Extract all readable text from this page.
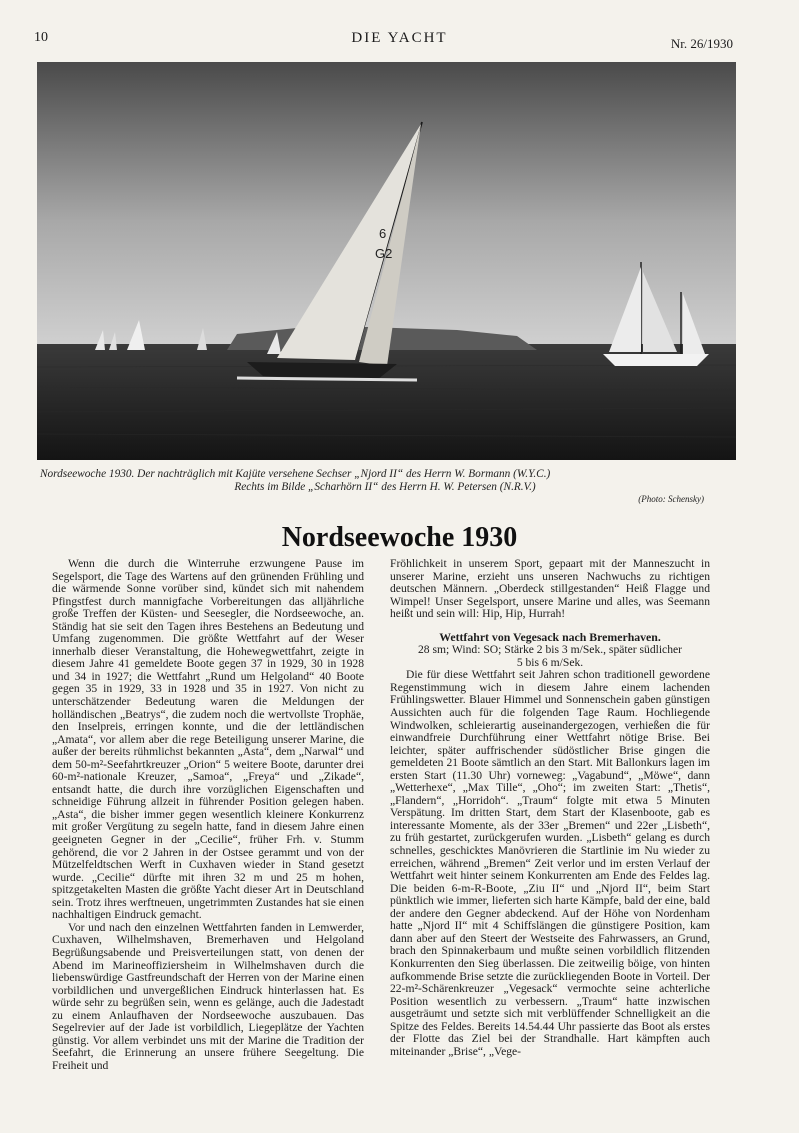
10	DIE YACHT	Nr. 26/1930
6
G2
Nordseewoche 1930. Der nachträglich mit Kajüte versehene Sechser „Njord II“ des Herrn W. Bormann (W.Y.C.)
Rechts im Bilde „Scharhörn II“ des Herrn H. W. Petersen (N.R.V.)
(Photo: Schensky)
Nordseewoche 1930

Wenn die durch die Winterruhe erzwungene Pause im Segelsport, die Tage des Wartens auf den grünenden Frühling und die wärmende Sonne vorüber sind, kündet sich mit nahendem Pfingstfest durch mannigfache Vorbereitungen das alljährliche große Treffen der Küsten- und Seesegler, die Nordseewoche, an. Ständig hat sie seit den Tagen ihres Bestehens an Bedeutung und Umfang zugenommen. Die größte Wettfahrt auf der Weser innerhalb dieser Veranstaltung, die Hohewegwettfahrt, zeigte in diesem Jahre 41 gemeldete Boote gegen 37 in 1929, 30 in 1928 und 34 in 1927; die Wettfahrt „Rund um Helgoland“ 40 Boote gegen 35 in 1929, 33 in 1928 und 35 in 1927. Von nicht zu unterschätzender Bedeutung waren die Meldungen der holländischen „Beatrys“, die zudem noch die wertvollste Trophäe, den Inselpreis, erringen konnte, und die der lettländischen „Amata“, vor allem aber die rege Beteiligung unserer Marine, die außer der bereits rühmlichst bekannten „Asta“, dem „Narwal“ und dem 50-m²-Seefahrtkreuzer „Orion“ 5 weitere Boote, darunter drei 60-m²-nationale Kreuzer, „Samoa“, „Freya“ und „Zikade“, entsandt hatte, die durch ihre vorzüglichen Eigenschaften und schneidige Führung allzeit in führender Position gelegen haben. „Asta“, die bisher immer gegen wesentlich kleinere Konkurrenz mit großer Vergütung zu segeln hatte, fand in diesem Jahre einen geeigneten Gegner in der „Cecilie“, früher Frh. v. Stumm gehörend, die vor 2 Jahren in der Ostsee gerammt und von der Mützelfeldtschen Werft in Cuxhaven wieder in Stand gesetzt wurde. „Cecilie“ dürfte mit ihren 32 m und 25 m hohen, spitzgetakelten Masten die größte Yacht dieser Art in Deutschland sein. Trotz ihres werftneuen, ungetrimmten Zustandes hat sie einen nachhaltigen Eindruck gemacht.

Vor und nach den einzelnen Wettfahrten fanden in Lemwerder, Cuxhaven, Wilhelmshaven, Bremerhaven und Helgoland Begrüßungsabende und Preisverteilungen statt, von denen der Abend im Marineoffiziersheim in Wilhelmshaven durch die liebenswürdige Gastfreundschaft der Herren von der Marine einen vorbildlichen und unvergeßlichen Eindruck hinterlassen hat. Es würde sehr zu begrüßen sein, wenn es gelänge, auch die Jadestadt zu einem Anlaufhaven der Nordseewoche auszubauen. Das Segelrevier auf der Jade ist vorbildlich, Liegeplätze der Yachten günstig. Vor allem verbindet uns mit der Marine die Tradition der Seefahrt, die Erinnerung an unsere frühere Seegeltung. Die Freiheit und

Fröhlichkeit in unserem Sport, gepaart mit der Manneszucht in unserer Marine, erzieht uns unseren Nachwuchs zu richtigen deutschen Männern. „Oberdeck stillgestanden“ Heiß Flagge und Wimpel! Unser Segelsport, unsere Marine und alles, was Seemann heißt und sein will: Hip, Hip, Hurrah!

Wettfahrt von Vegesack nach Bremerhaven.
28 sm; Wind: SO; Stärke 2 bis 3 m/Sek., später südlicher
5 bis 6 m/Sek.

Die für diese Wettfahrt seit Jahren schon traditionell gewordene Regenstimmung wich in diesem Jahre einem lachenden Frühlingswetter. Blauer Himmel und Sonnenschein gaben günstigen Aussichten auch für die folgenden Tage Raum. Hochliegende Windwolken, schleierartig auseinandergezogen, verhießen die für einwandfreie Durchführung einer Wettfahrt nötige Brise. Bei leichter, später auffrischender südöstlicher Brise gingen die gemeldeten 21 Boote sämtlich an den Start. Mit Ballonkurs lagen im ersten Start (11.30 Uhr) vorneweg: „Vagabund“, „Möwe“, dann „Wetterhexe“, „Max Tille“, „Oho“; im zweiten Start: „Thetis“, „Flandern“, „Horridoh“. „Traum“ folgte mit etwa 5 Minuten Verspätung. Im dritten Start, dem Start der Klasenboote, gab es interessante Momente, als der 33er „Bremen“ und 22er „Lisbeth“, zu früh gestartet, zurückgerufen wurden. „Lisbeth“ gelang es durch schnelles, geschicktes Manövrieren die Startlinie im Nu wieder zu erreichen, während „Bremen“ Zeit verlor und im ersten Verlauf der Wettfahrt weit hinter seinem Konkurrenten am Ende des Feldes lag. Die beiden 6-m-R-Boote, „Ziu II“ und „Njord II“, beim Start pünktlich wie immer, lieferten sich harte Kämpfe, bald der eine, bald der andere den Gegner abdeckend. Auf der Höhe von Nordenham hatte „Njord II“ mit 4 Schiffslängen die günstigere Position, kam dann aber auf den Steert der Westseite des Fahrwassers, an Grund, brach den Spinnakerbaum und mußte seinen vorbildlich flitzenden Konkurrenten den Sieg überlassen. Die zeitweilig böige, von hinten aufkommende Brise setzte die zurückliegenden Boote in Vorteil. Der 22-m²-Schärenkreuzer „Vegesack“ vermochte seine achterliche Position wesentlich zu verbessern. „Traum“ hatte inzwischen ausgeträumt und setzte sich mit verblüffender Schnelligkeit an die Spitze des Feldes. Bereits 14.54.44 Uhr passierte das Boot als erstes der Flotte das Ziel bei der Strandhalle. Hart kämpften auch miteinander „Brise“, „Vege-
